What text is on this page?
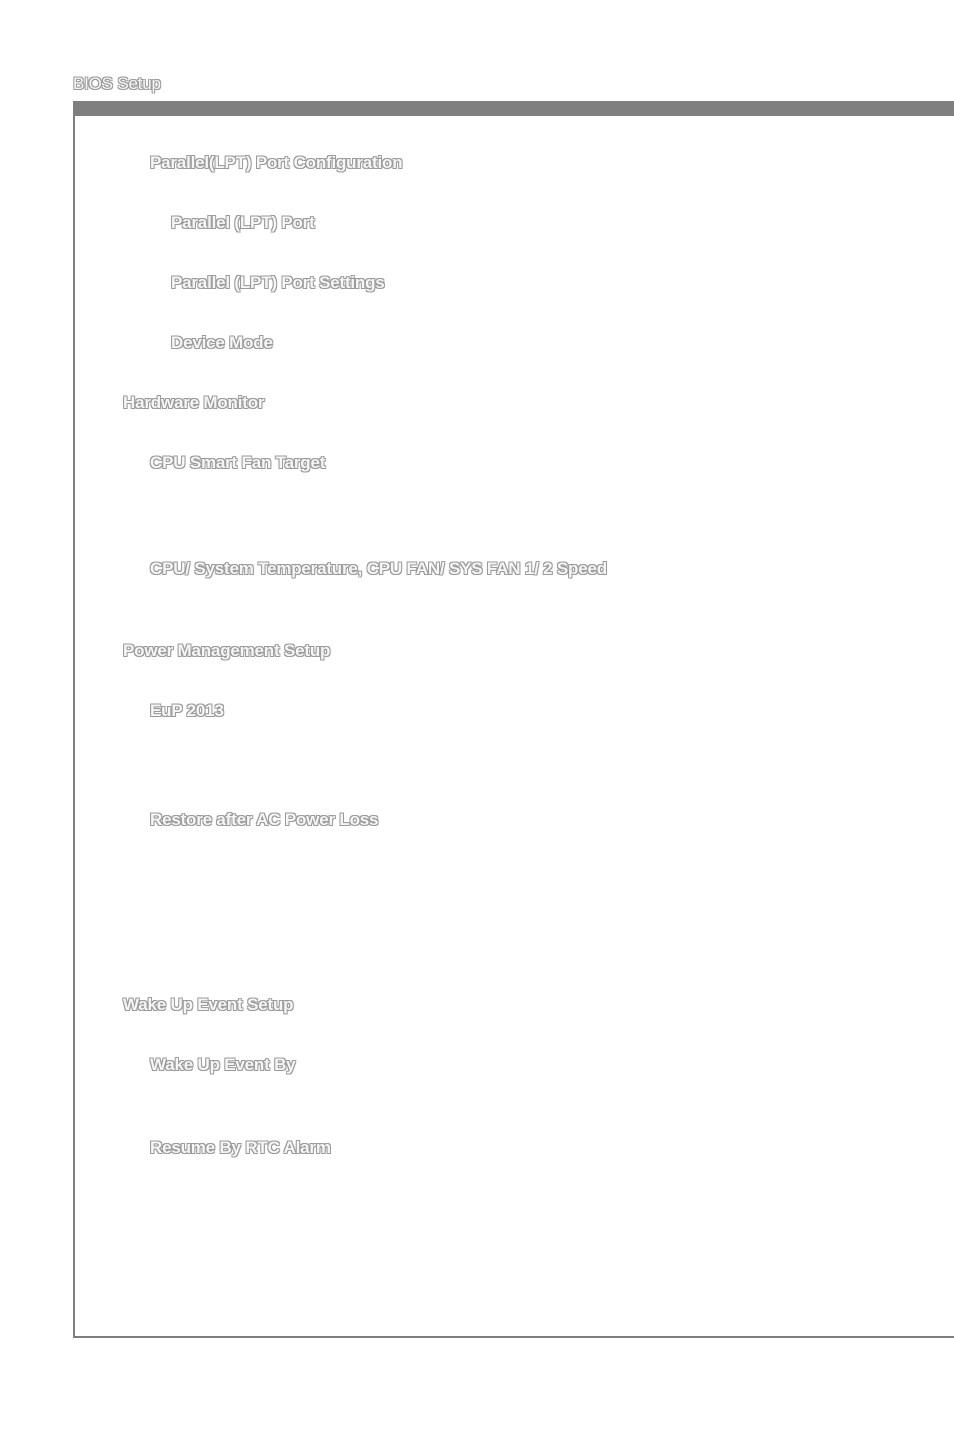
BIOS Setup
Parallel(LPT) Port Configuration
Parallel (LPT) Port
Parallel (LPT) Port Settings
Device Mode
Hardware Monitor
CPU Smart Fan Target
CPU/ System Temperature, CPU FAN/ SYS FAN 1/ 2 Speed
Power Management Setup
EuP 2013
Restore after AC Power Loss
Wake Up Event Setup
Wake Up Event By
Resume By RTC Alarm
